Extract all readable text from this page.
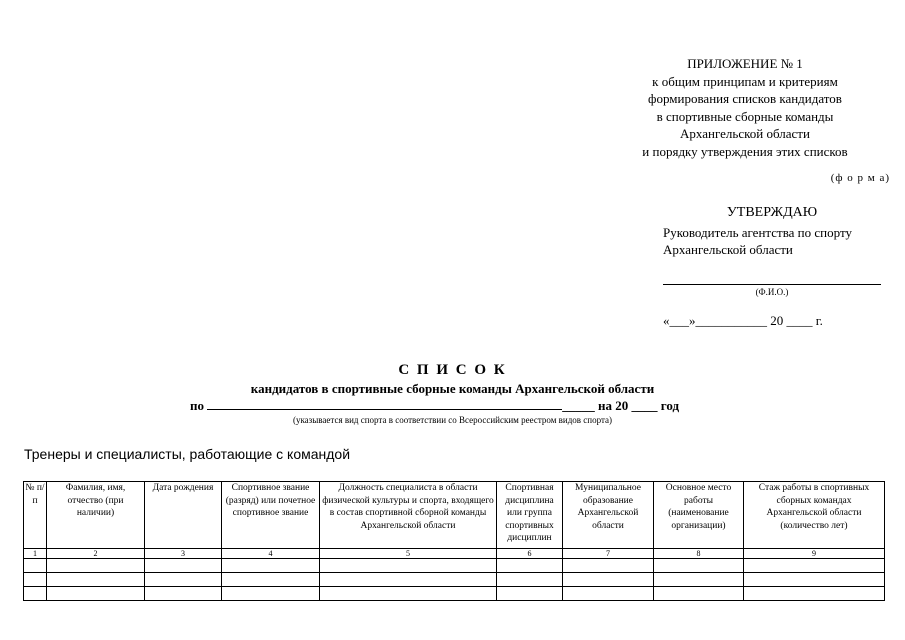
ПРИЛОЖЕНИЕ № 1
к общим принципам и критериям
формирования списков кандидатов
в спортивные сборные команды
Архангельской области
и порядку утверждения этих списков
(ф о р м а)
УТВЕРЖДАЮ
Руководитель агентства по спорту
Архангельской области
(Ф.И.О.)
«___»___________ 20 ____ г.
С П И С О К
кандидатов в спортивные сборные команды Архангельской области
по	_____ на 20 ____ год
(указывается вид спорта в соответствии со Всероссийским реестром видов спорта)
Тренеры и специалисты, работающие с командой
№ п/п	Фамилия, имя, отчество (при наличии)	Дата рождения	Спортивное звание (разряд) или почетное спортивное звание	Должность специалиста в области физической культуры и спорта, входящего в состав спортивной сборной команды Архангельской области	Спортивная дисциплина или группа спортивных дисциплин	Муниципальное образование Архангельской области	Основное место работы (наименование организации)	Стаж работы в спортивных сборных командах Архангельской области (количество лет)
1	2	3	4	5	6	7	8	9
